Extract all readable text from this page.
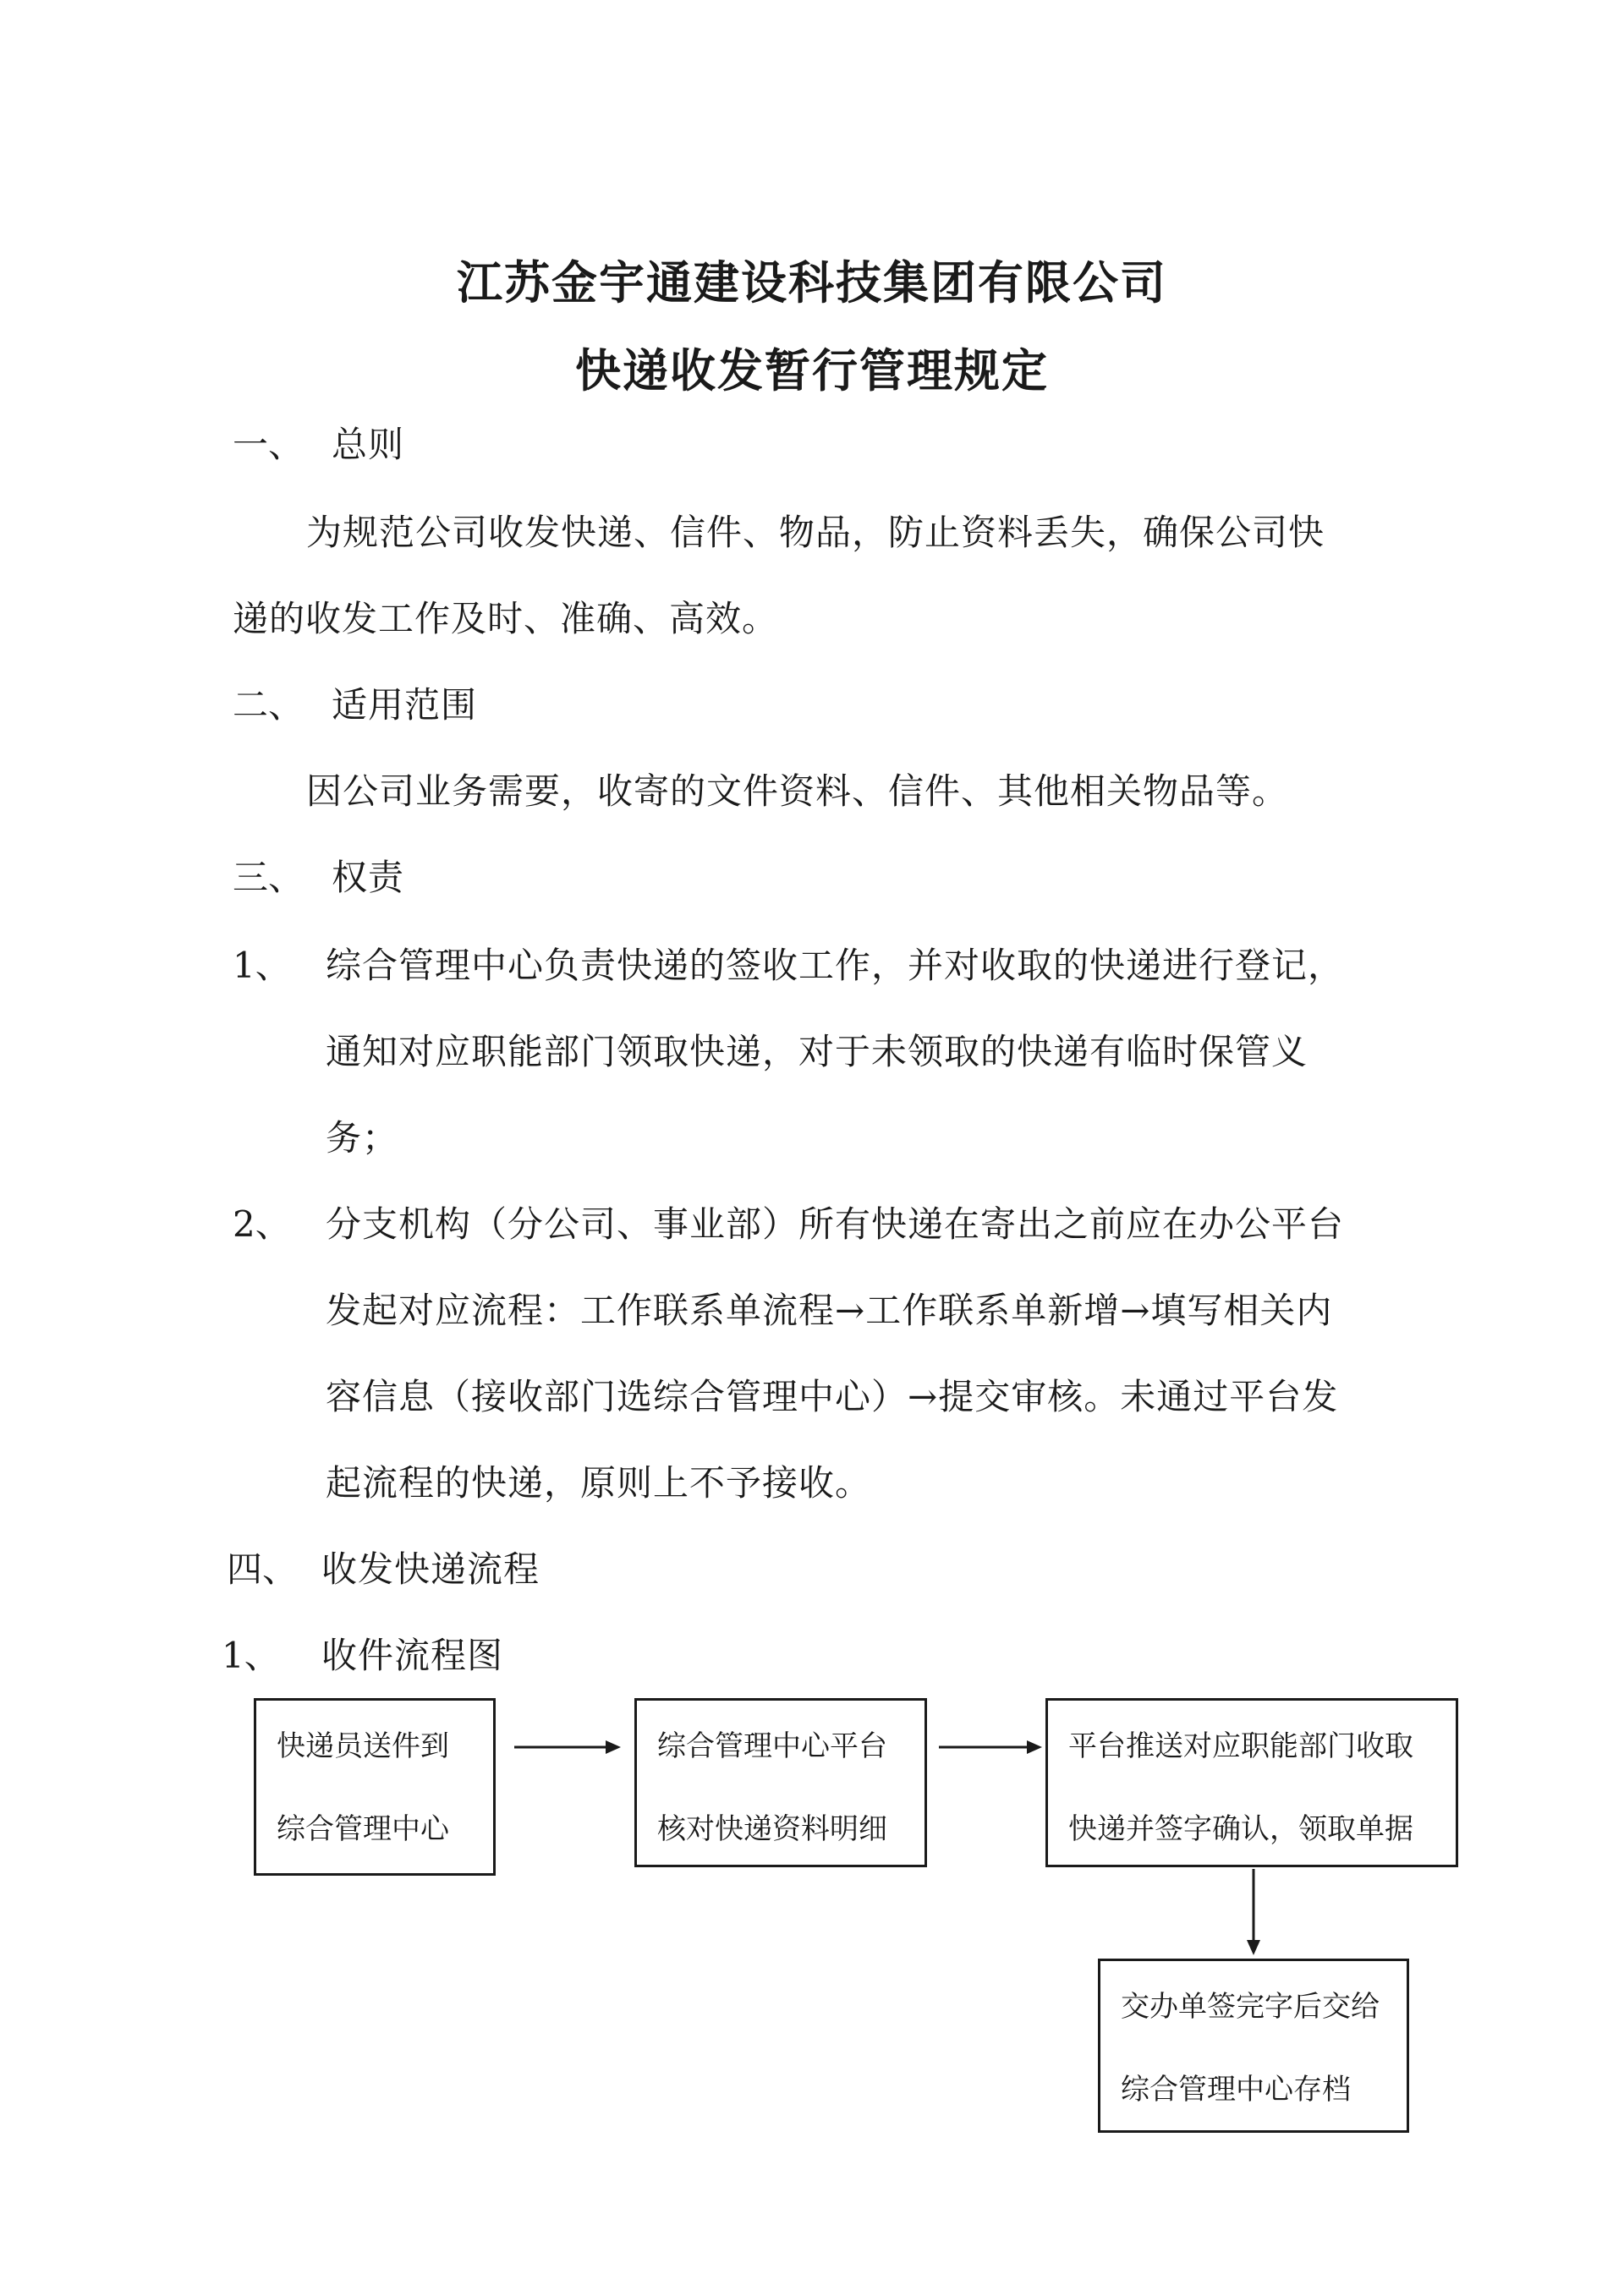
江苏金宇通建设科技集团有限公司
快递收发暂行管理规定
一、 总则
为规范公司收发快递、信件、物品，防止资料丢失，确保公司快
递的收发工作及时、准确、高效。
二、 适用范围
因公司业务需要，收寄的文件资料、信件、其他相关物品等。
三、 权责
1、 综合管理中心负责快递的签收工作，并对收取的快递进行登记，
通知对应职能部门领取快递，对于未领取的快递有临时保管义
务；
2、 分支机构（分公司、事业部）所有快递在寄出之前应在办公平台
发起对应流程：工作联系单流程→工作联系单新增→填写相关内
容信息（接收部门选综合管理中心）→提交审核。未通过平台发
起流程的快递，原则上不予接收。
四、 收发快递流程
1、 收件流程图
快递员送件到
综合管理中心
综合管理中心平台
核对快递资料明细
平台推送对应职能部门收取
快递并签字确认，领取单据
交办单签完字后交给
综合管理中心存档
